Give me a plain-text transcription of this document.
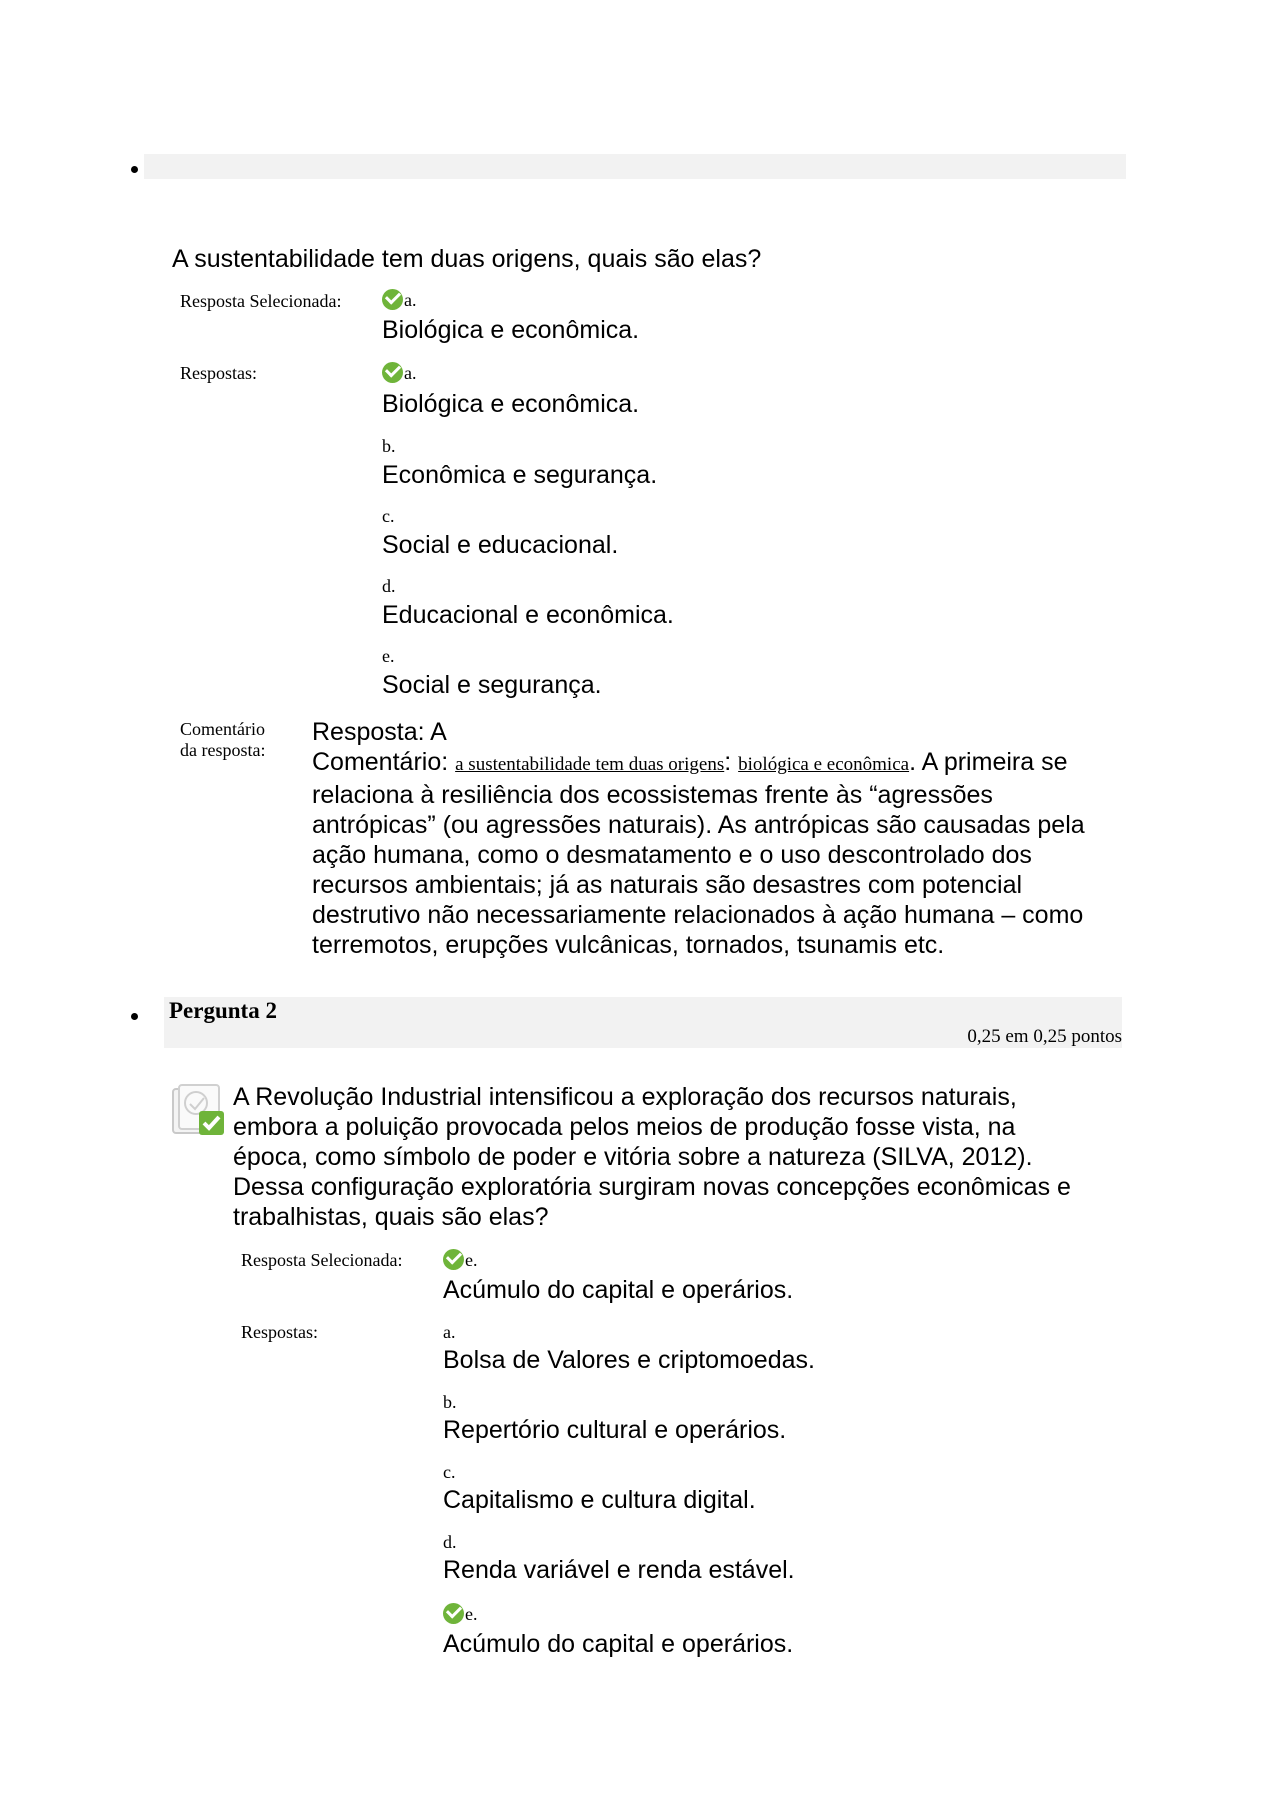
A sustentabilidade tem duas origens, quais são elas?
Resposta Selecionada:	a.
Biológica e econômica.
Respostas:	a.
Biológica e econômica.
b.
Econômica e segurança.
c.
Social e educacional.
d.
Educacional e econômica.
e.
Social e segurança.
Comentário
da resposta:
Resposta: A
Comentário: a sustentabilidade tem duas origens: biológica e econômica. A primeira se relaciona à resiliência dos ecossistemas frente às “agressões antrópicas” (ou agressões naturais). As antrópicas são causadas pela ação humana, como o desmatamento e o uso descontrolado dos recursos ambientais; já as naturais são desastres com potencial destrutivo não necessariamente relacionados à ação humana – como terremotos, erupções vulcânicas, tornados, tsunamis etc.
Pergunta 2
0,25 em 0,25 pontos
A Revolução Industrial intensificou a exploração dos recursos naturais, embora a poluição provocada pelos meios de produção fosse vista, na época, como símbolo de poder e vitória sobre a natureza (SILVA, 2012). Dessa configuração exploratória surgiram novas concepções econômicas e trabalhistas, quais são elas?
Resposta Selecionada:	e.
Acúmulo do capital e operários.
Respostas:	a.
Bolsa de Valores e criptomoedas.
b.
Repertório cultural e operários.
c.
Capitalismo e cultura digital.
d.
Renda variável e renda estável.
e.
Acúmulo do capital e operários.
